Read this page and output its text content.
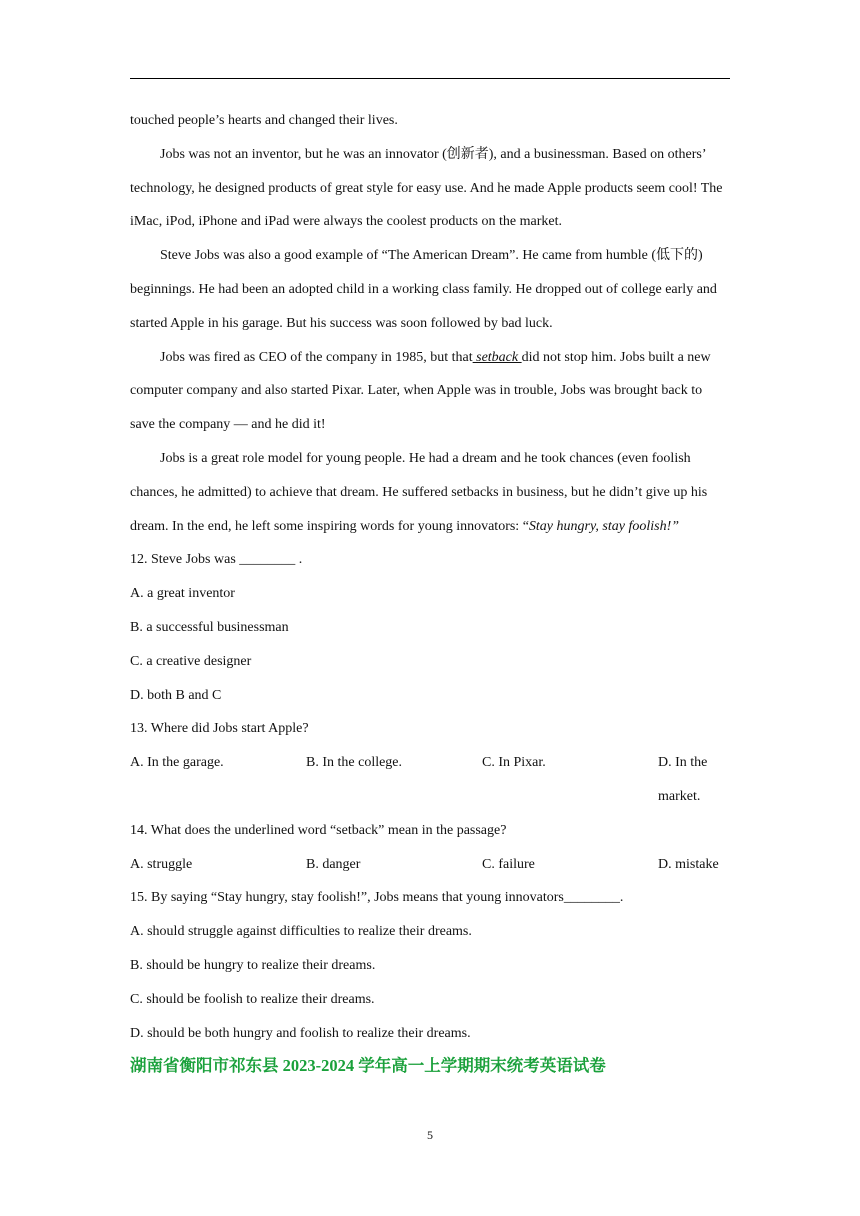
touched people’s hearts and changed their lives.

Jobs was not an inventor, but he was an innovator (创新者), and a businessman. Based on others’ technology, he designed products of great style for easy use. And he made Apple products seem cool! The iMac, iPod, iPhone and iPad were always the coolest products on the market.

Steve Jobs was also a good example of “The American Dream”. He came from humble (低下的) beginnings. He had been an adopted child in a working class family. He dropped out of college early and started Apple in his garage. But his success was soon followed by bad luck.

Jobs was fired as CEO of the company in 1985, but that setback did not stop him. Jobs built a new computer company and also started Pixar. Later, when Apple was in trouble, Jobs was brought back to save the company — and he did it!

Jobs is a great role model for young people. He had a dream and he took chances (even foolish chances, he admitted) to achieve that dream. He suffered setbacks in business, but he didn’t give up his dream. In the end, he left some inspiring words for young innovators: “Stay hungry, stay foolish!”

12. Steve Jobs was ________ .

A. a great inventor
B. a successful businessman
C. a creative designer
D. both B and C

13. Where did Jobs start Apple?

A. In the garage.	B. In the college.	C. In Pixar.	D. In the market.

14. What does the underlined word “setback” mean in the passage?

A. struggle	B. danger	C. failure	D. mistake

15. By saying “Stay hungry, stay foolish!”, Jobs means that young innovators________.

A. should struggle against difficulties to realize their dreams.

B. should be hungry to realize their dreams.

C. should be foolish to realize their dreams.

D. should be both hungry and foolish to realize their dreams.

湖南省衡阳市祁东县 2023-2024 学年高一上学期期末统考英语试卷
5
